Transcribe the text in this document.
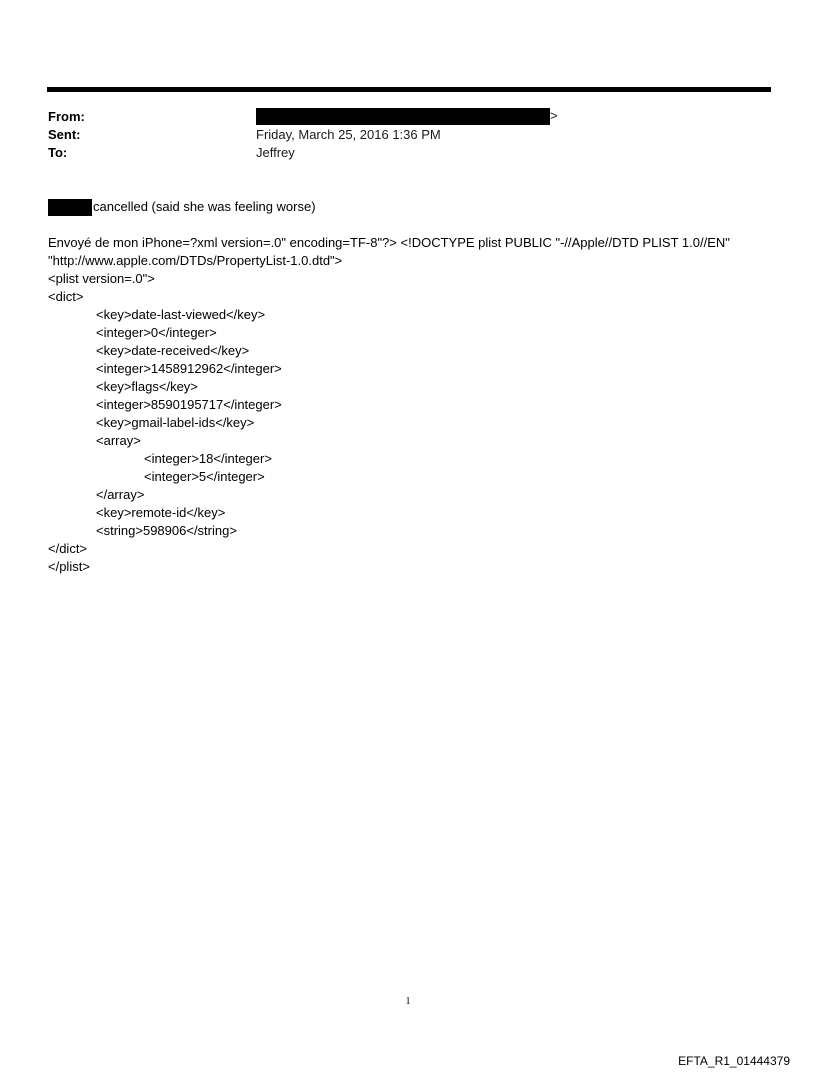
From:	>
Sent:	Friday, March 25, 2016 1:36 PM
To:	Jeffrey
cancelled (said she was feeling worse)
Envoyé de mon iPhone=?xml version=.0" encoding=TF-8"?> <!DOCTYPE plist PUBLIC "-//Apple//DTD PLIST 1.0//EN"
"http://www.apple.com/DTDs/PropertyList-1.0.dtd">
<plist version=.0">
<dict>
<key>date-last-viewed</key>
<integer>0</integer>
<key>date-received</key>
<integer>1458912962</integer>
<key>flags</key>
<integer>8590195717</integer>
<key>gmail-label-ids</key>
<array>
<integer>18</integer>
<integer>5</integer>
</array>
<key>remote-id</key>
<string>598906</string>
</dict>
</plist>
1
EFTA_R1_01444379
